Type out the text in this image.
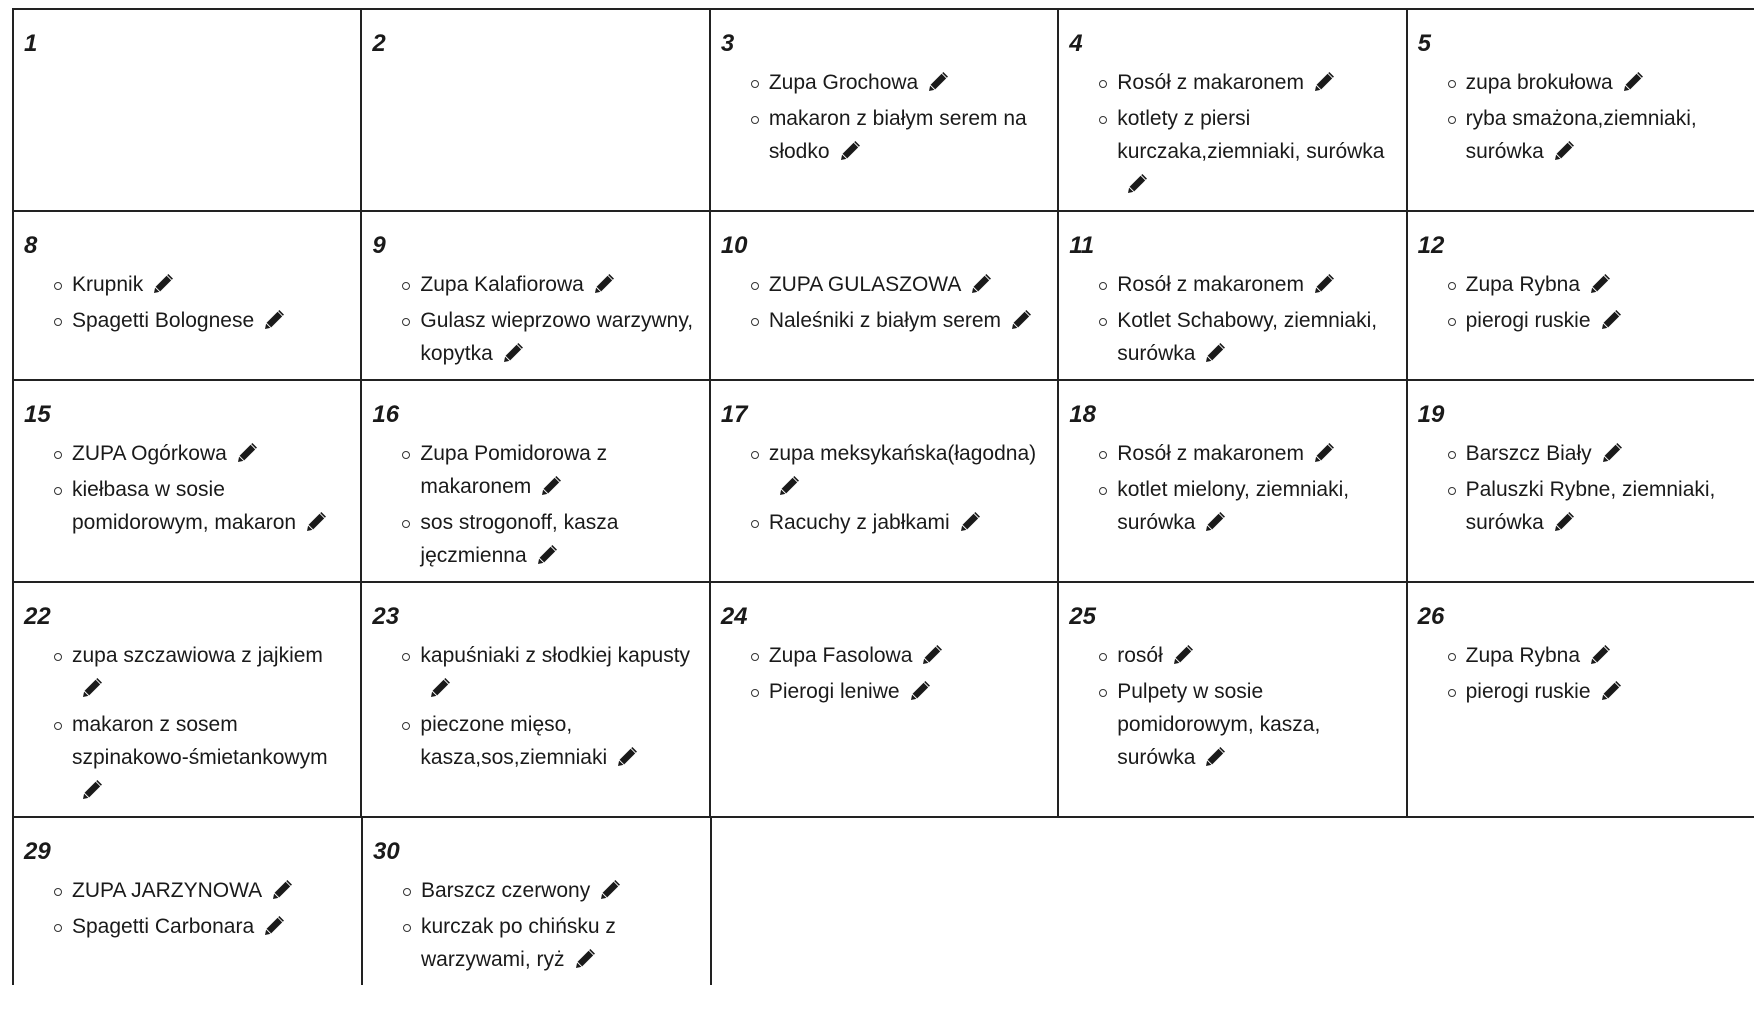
1	2	3
Zupa Grochowa
makaron z białym serem na słodko
4
Rosół z makaronem
kotlety z piersi kurczaka,ziemniaki, surówka
5
zupa brokułowa
ryba smażona,ziemniaki, surówka
8
Krupnik
Spagetti Bolognese
9
Zupa Kalafiorowa
Gulasz wieprzowo warzywny, kopytka
10
ZUPA GULASZOWA
Naleśniki z białym serem
11
Rosół z makaronem
Kotlet Schabowy, ziemniaki, surówka
12
Zupa Rybna
pierogi ruskie
15
ZUPA Ogórkowa
kiełbasa w sosie pomidorowym, makaron
16
Zupa Pomidorowa z makaronem
sos strogonoff, kasza jęczmienna
17
zupa meksykańska(łagodna)
Racuchy z jabłkami
18
Rosół z makaronem
kotlet mielony, ziemniaki, surówka
19
Barszcz Biały
Paluszki Rybne, ziemniaki, surówka
22
zupa szczawiowa z jajkiem
makaron z sosem szpinakowo-śmietankowym
23
kapuśniaki z słodkiej kapusty
pieczone mięso, kasza,sos,ziemniaki
24
Zupa Fasolowa
Pierogi leniwe
25
rosół
Pulpety w sosie pomidorowym, kasza, surówka
26
Zupa Rybna
pierogi ruskie
29
ZUPA JARZYNOWA
Spagetti Carbonara
30
Barszcz czerwony
kurczak po chińsku z warzywami, ryż
